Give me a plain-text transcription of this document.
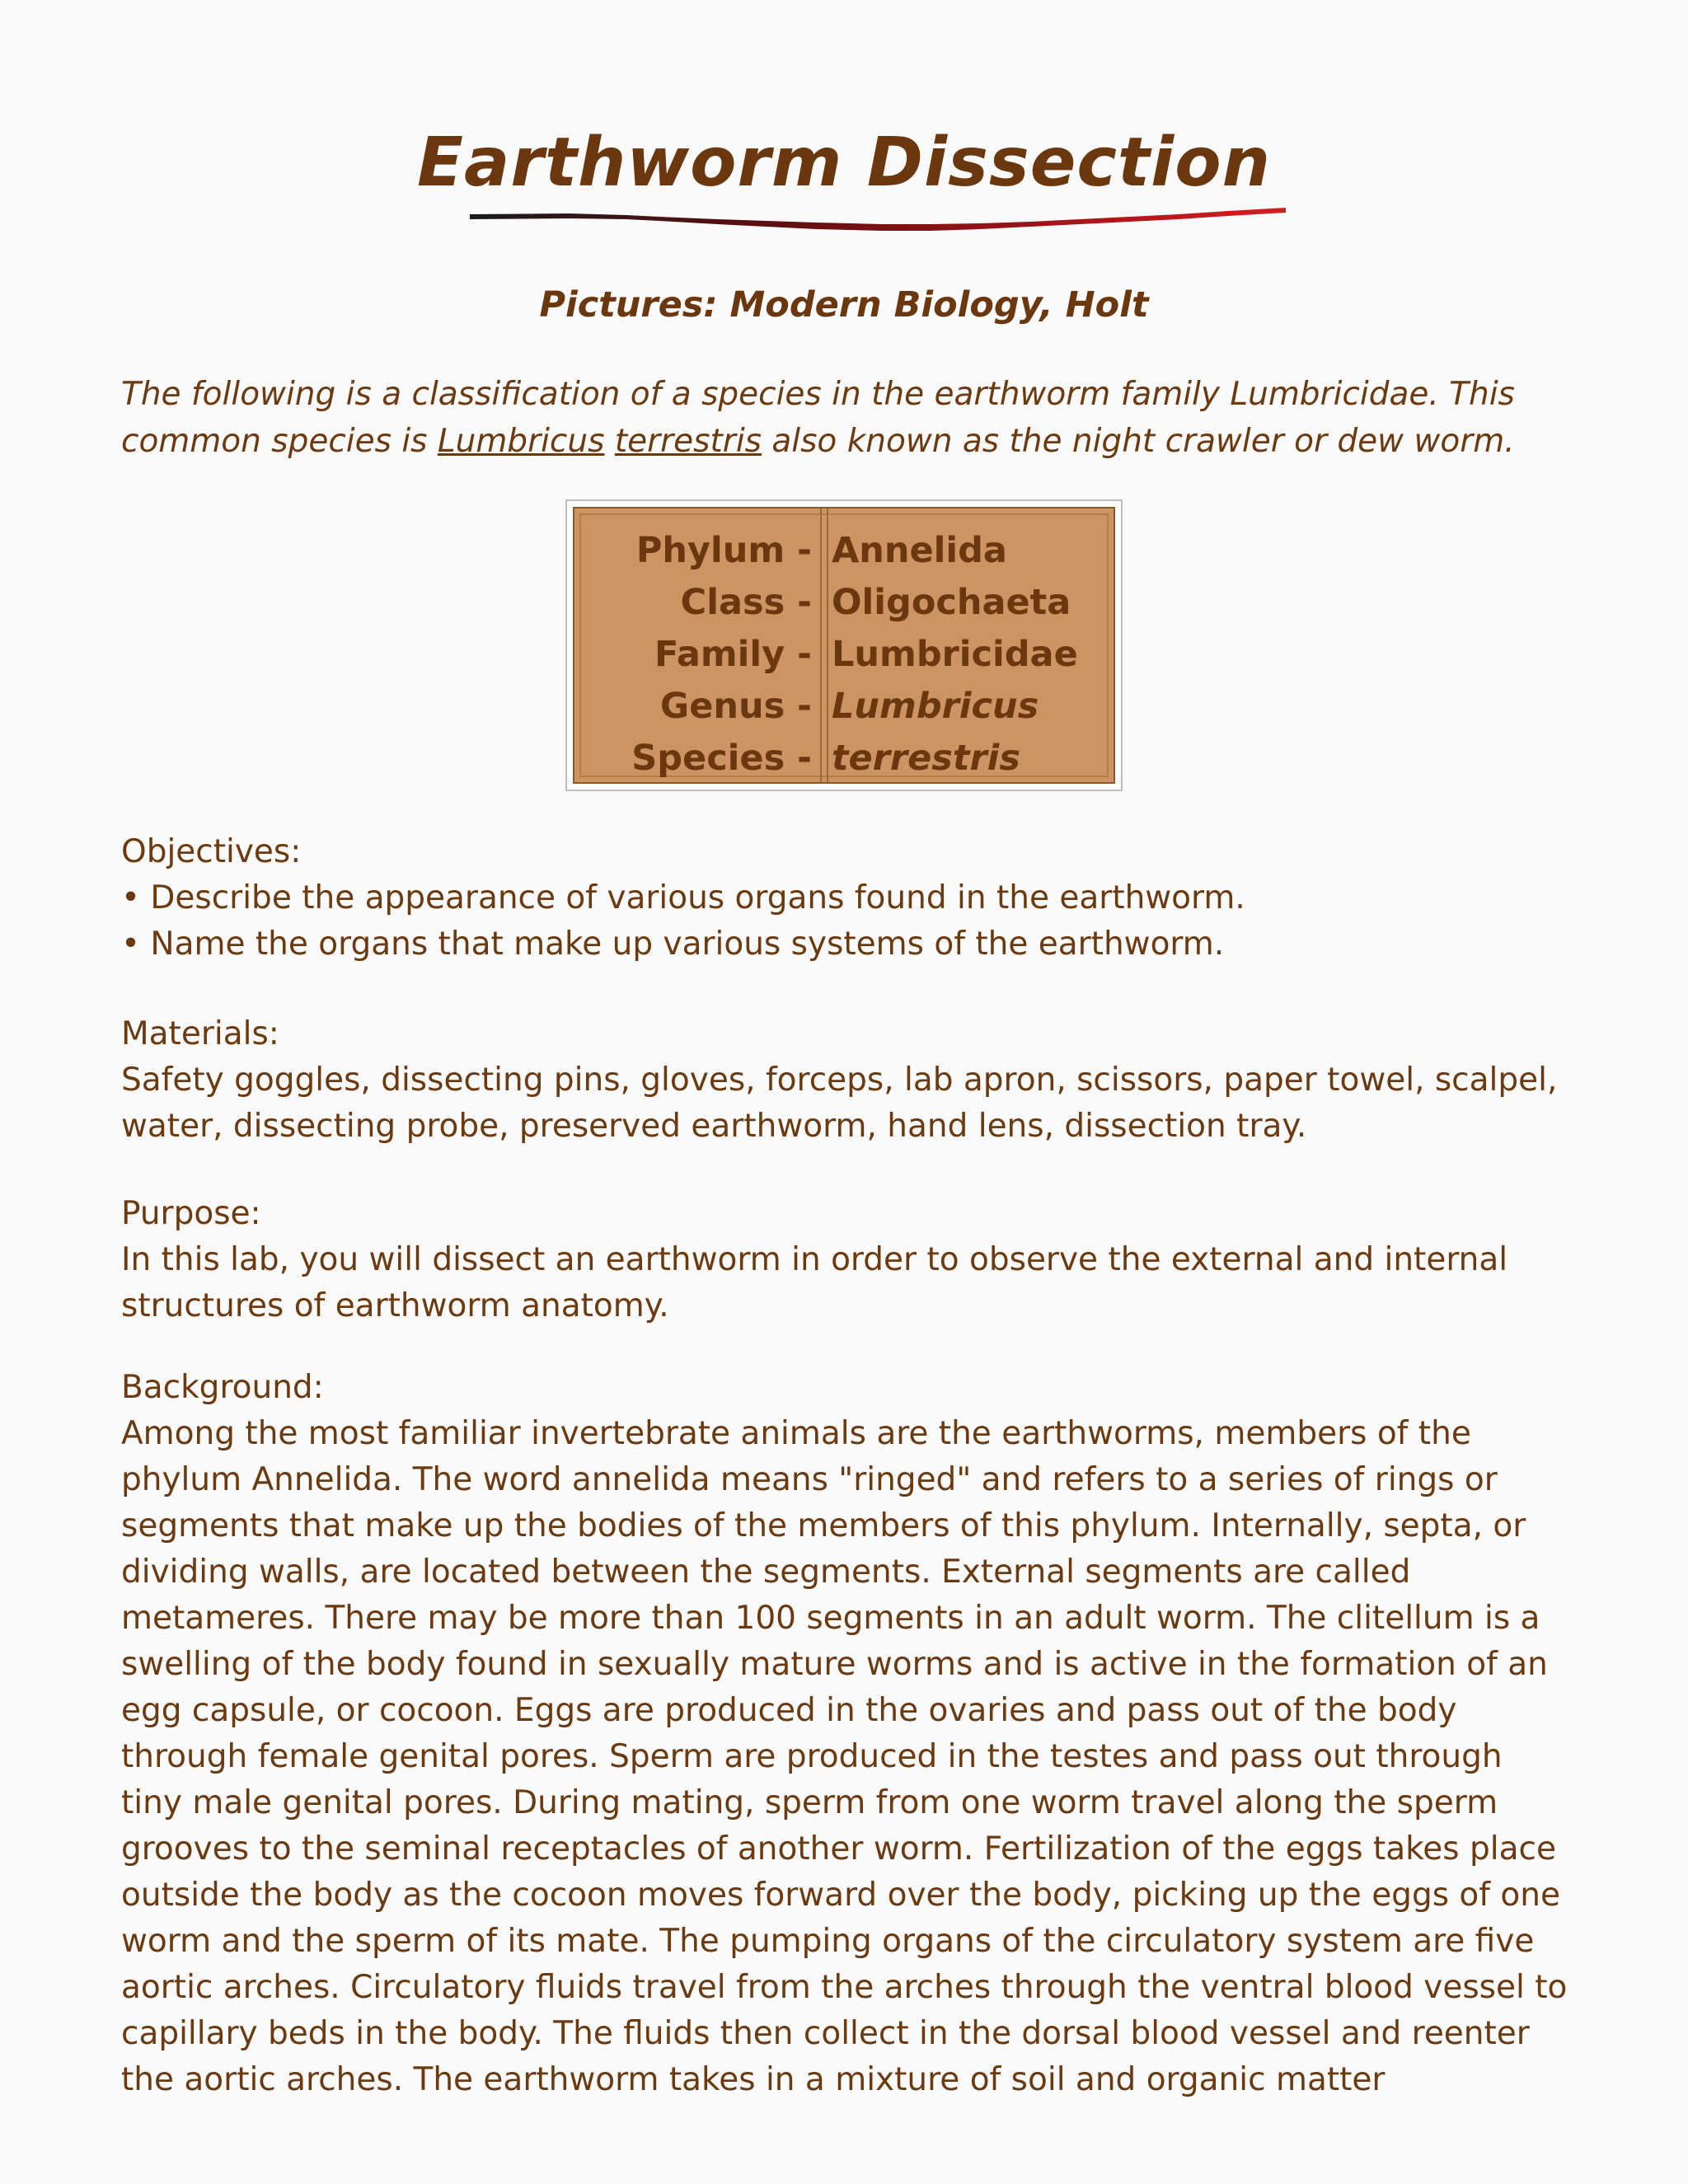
Earthworm Dissection
Pictures: Modern Biology, Holt
The following is a classification of a species in the earthworm family Lumbricidae. This common species is Lumbricus terrestris also known as the night crawler or dew worm.
Phylum -
Class -
Family -
Genus -
Species -
Annelida
Oligochaeta
Lumbricidae
Lumbricus
terrestris

Objectives:

• Describe the appearance of various organs found in the earthworm.

• Name the organs that make up various systems of the earthworm.

Materials:

Safety goggles, dissecting pins, gloves, forceps, lab apron, scissors, paper towel, scalpel, water, dissecting probe, preserved earthworm, hand lens, dissection tray.

Purpose:

In this lab, you will dissect an earthworm in order to observe the external and internal structures of earthworm anatomy.

Background:

Among the most familiar invertebrate animals are the earthworms, members of the phylum Annelida. The word annelida means "ringed" and refers to a series of rings or segments that make up the bodies of the members of this phylum. Internally, septa, or dividing walls, are located between the segments. External segments are called metameres. There may be more than 100 segments in an adult worm. The clitellum is a swelling of the body found in sexually mature worms and is active in the formation of an egg capsule, or cocoon. Eggs are produced in the ovaries and pass out of the body through female genital pores. Sperm are produced in the testes and pass out through tiny male genital pores. During mating, sperm from one worm travel along the sperm grooves to the seminal receptacles of another worm. Fertilization of the eggs takes place outside the body as the cocoon moves forward over the body, picking up the eggs of one worm and the sperm of its mate. The pumping organs of the circulatory system are five aortic arches. Circulatory fluids travel from the arches through the ventral blood vessel to capillary beds in the body. The fluids then collect in the dorsal blood vessel and reenter the aortic arches. The earthworm takes in a mixture of soil and organic matter
